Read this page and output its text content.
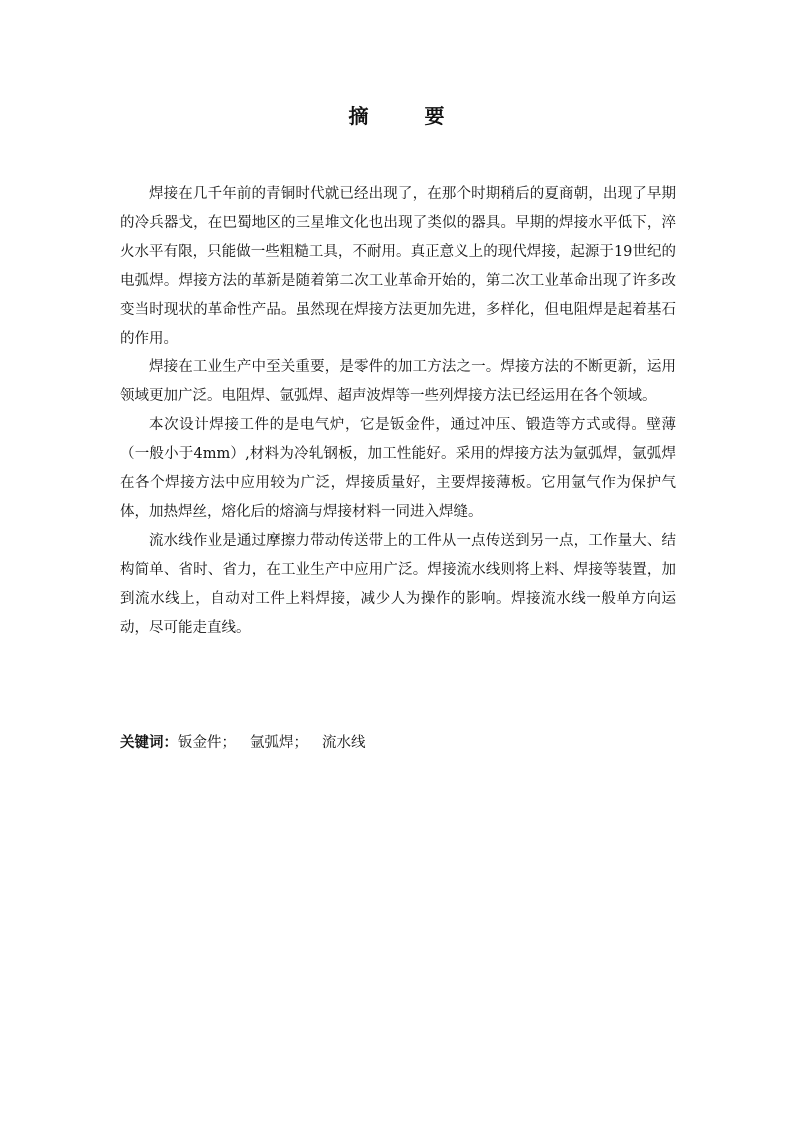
摘　要

焊接在几千年前的青铜时代就已经出现了，在那个时期稍后的夏商朝，出现了早期的冷兵器戈，在巴蜀地区的三星堆文化也出现了类似的器具。早期的焊接水平低下，淬火水平有限，只能做一些粗糙工具，不耐用。真正意义上的现代焊接，起源于19世纪的电弧焊。焊接方法的革新是随着第二次工业革命开始的，第二次工业革命出现了许多改变当时现状的革命性产品。虽然现在焊接方法更加先进，多样化，但电阻焊是起着基石的作用。

焊接在工业生产中至关重要，是零件的加工方法之一。焊接方法的不断更新，运用领域更加广泛。电阻焊、氩弧焊、超声波焊等一些列焊接方法已经运用在各个领域。

本次设计焊接工件的是电气炉，它是钣金件，通过冲压、锻造等方式或得。壁薄（一般小于4mm）,材料为冷轧钢板，加工性能好。采用的焊接方法为氩弧焊，氩弧焊在各个焊接方法中应用较为广泛，焊接质量好，主要焊接薄板。它用氩气作为保护气体，加热焊丝，熔化后的熔滴与焊接材料一同进入焊缝。

流水线作业是通过摩擦力带动传送带上的工件从一点传送到另一点，工作量大、结构简单、省时、省力，在工业生产中应用广泛。焊接流水线则将上料、焊接等装置，加到流水线上，自动对工件上料焊接，减少人为操作的影响。焊接流水线一般单方向运动，尽可能走直线。

关键词：钣金件； 氩弧焊； 流水线
